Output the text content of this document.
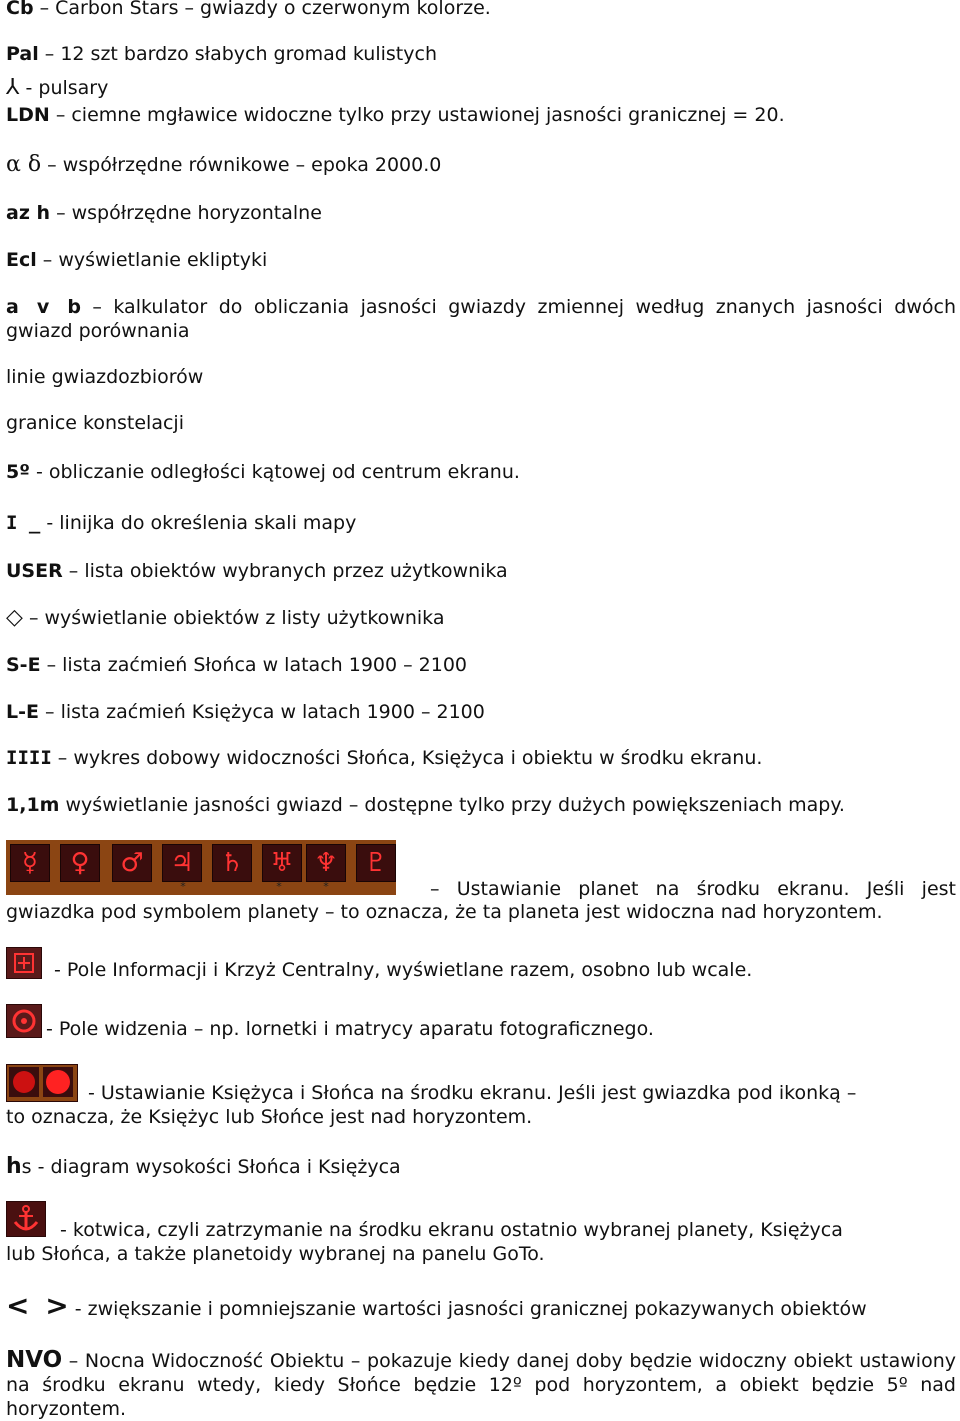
Cb – Carbon Stars – gwiazdy o czerwonym kolorze.
Pal – 12 szt bardzo słabych gromad kulistych
⅄ - pulsary
LDN – ciemne mgławice widoczne tylko przy ustawionej jasności granicznej = 20.
α δ – współrzędne równikowe – epoka 2000.0
az h – współrzędne horyzontalne
Ecl – wyświetlanie ekliptyki
a v b – kalkulator do obliczania jasności gwiazdy zmiennej według znanych jasności dwóch gwiazd porównania
linie gwiazdozbiorów
granice konstelacji
5º - obliczanie odległości kątowej od centrum ekranu.
I _ - linijka do określenia skali mapy
USER – lista obiektów wybranych przez użytkownika
◇ – wyświetlanie obiektów z listy użytkownika
S-E – lista zaćmień Słońca w latach 1900 – 2100
L-E – lista zaćmień Księżyca w latach 1900 – 2100
IIII – wykres dobowy widoczności Słońca, Księżyca i obiektu w środku ekranu.
1,1m wyświetlanie jasności gwiazd – dostępne tylko przy dużych powiększeniach mapy.
☿	♀	♂	♃	♄	♅ ♆	♇
*	*	*	– Ustawianie planet na środku ekranu. Jeśli jest
gwiazdka pod symbolem planety – to oznacza, że ta planeta jest widoczna nad horyzontem.
- Pole Informacji i Krzyż Centralny, wyświetlane razem, osobno lub wcale.
- Pole widzenia – np. lornetki i matrycy aparatu fotograficznego.
- Ustawianie Księżyca i Słońca na środku ekranu. Jeśli jest gwiazdka pod ikonką –
to oznacza, że Księżyc lub Słońce jest nad horyzontem.
hs - diagram wysokości Słońca i Księżyca
- kotwica, czyli zatrzymanie na środku ekranu ostatnio wybranej planety, Księżyca
lub Słońca, a także planetoidy wybranej na panelu GoTo.
< > - zwiększanie i pomniejszanie wartości jasności granicznej pokazywanych obiektów
NVO – Nocna Widoczność Obiektu – pokazuje kiedy danej doby będzie widoczny obiekt ustawiony na środku ekranu wtedy, kiedy Słońce będzie 12º pod horyzontem, a obiekt będzie 5º nad horyzontem.
